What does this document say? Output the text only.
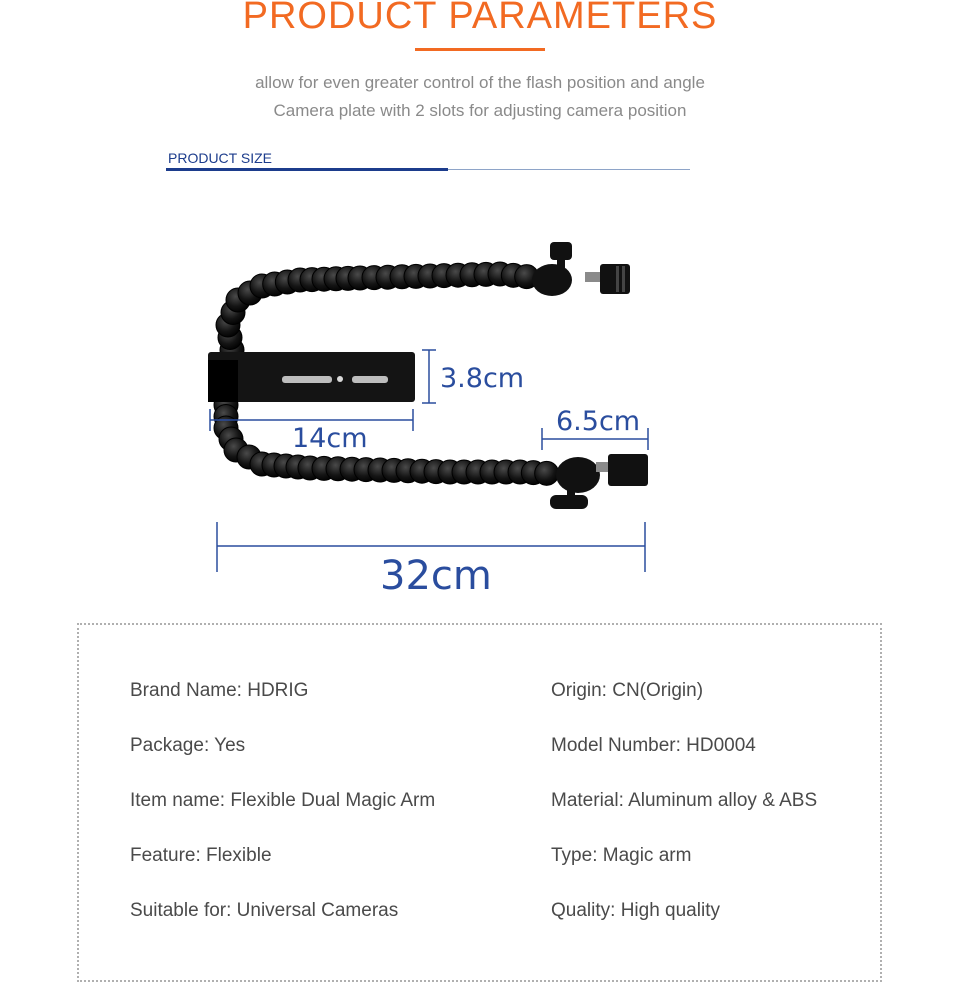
PRODUCT PARAMETERS

allow for even greater control of the flash position and angle

Camera plate with 2 slots for adjusting camera position

PRODUCT SIZE

3.8cm
14cm
6.5cm
32cm
Brand Name: HDRIG
Package: Yes
Item name: Flexible Dual Magic Arm
Feature: Flexible
Suitable for: Universal Cameras
Origin: CN(Origin)
Model Number: HD0004
Material: Aluminum alloy & ABS
Type: Magic arm
Quality: High quality
